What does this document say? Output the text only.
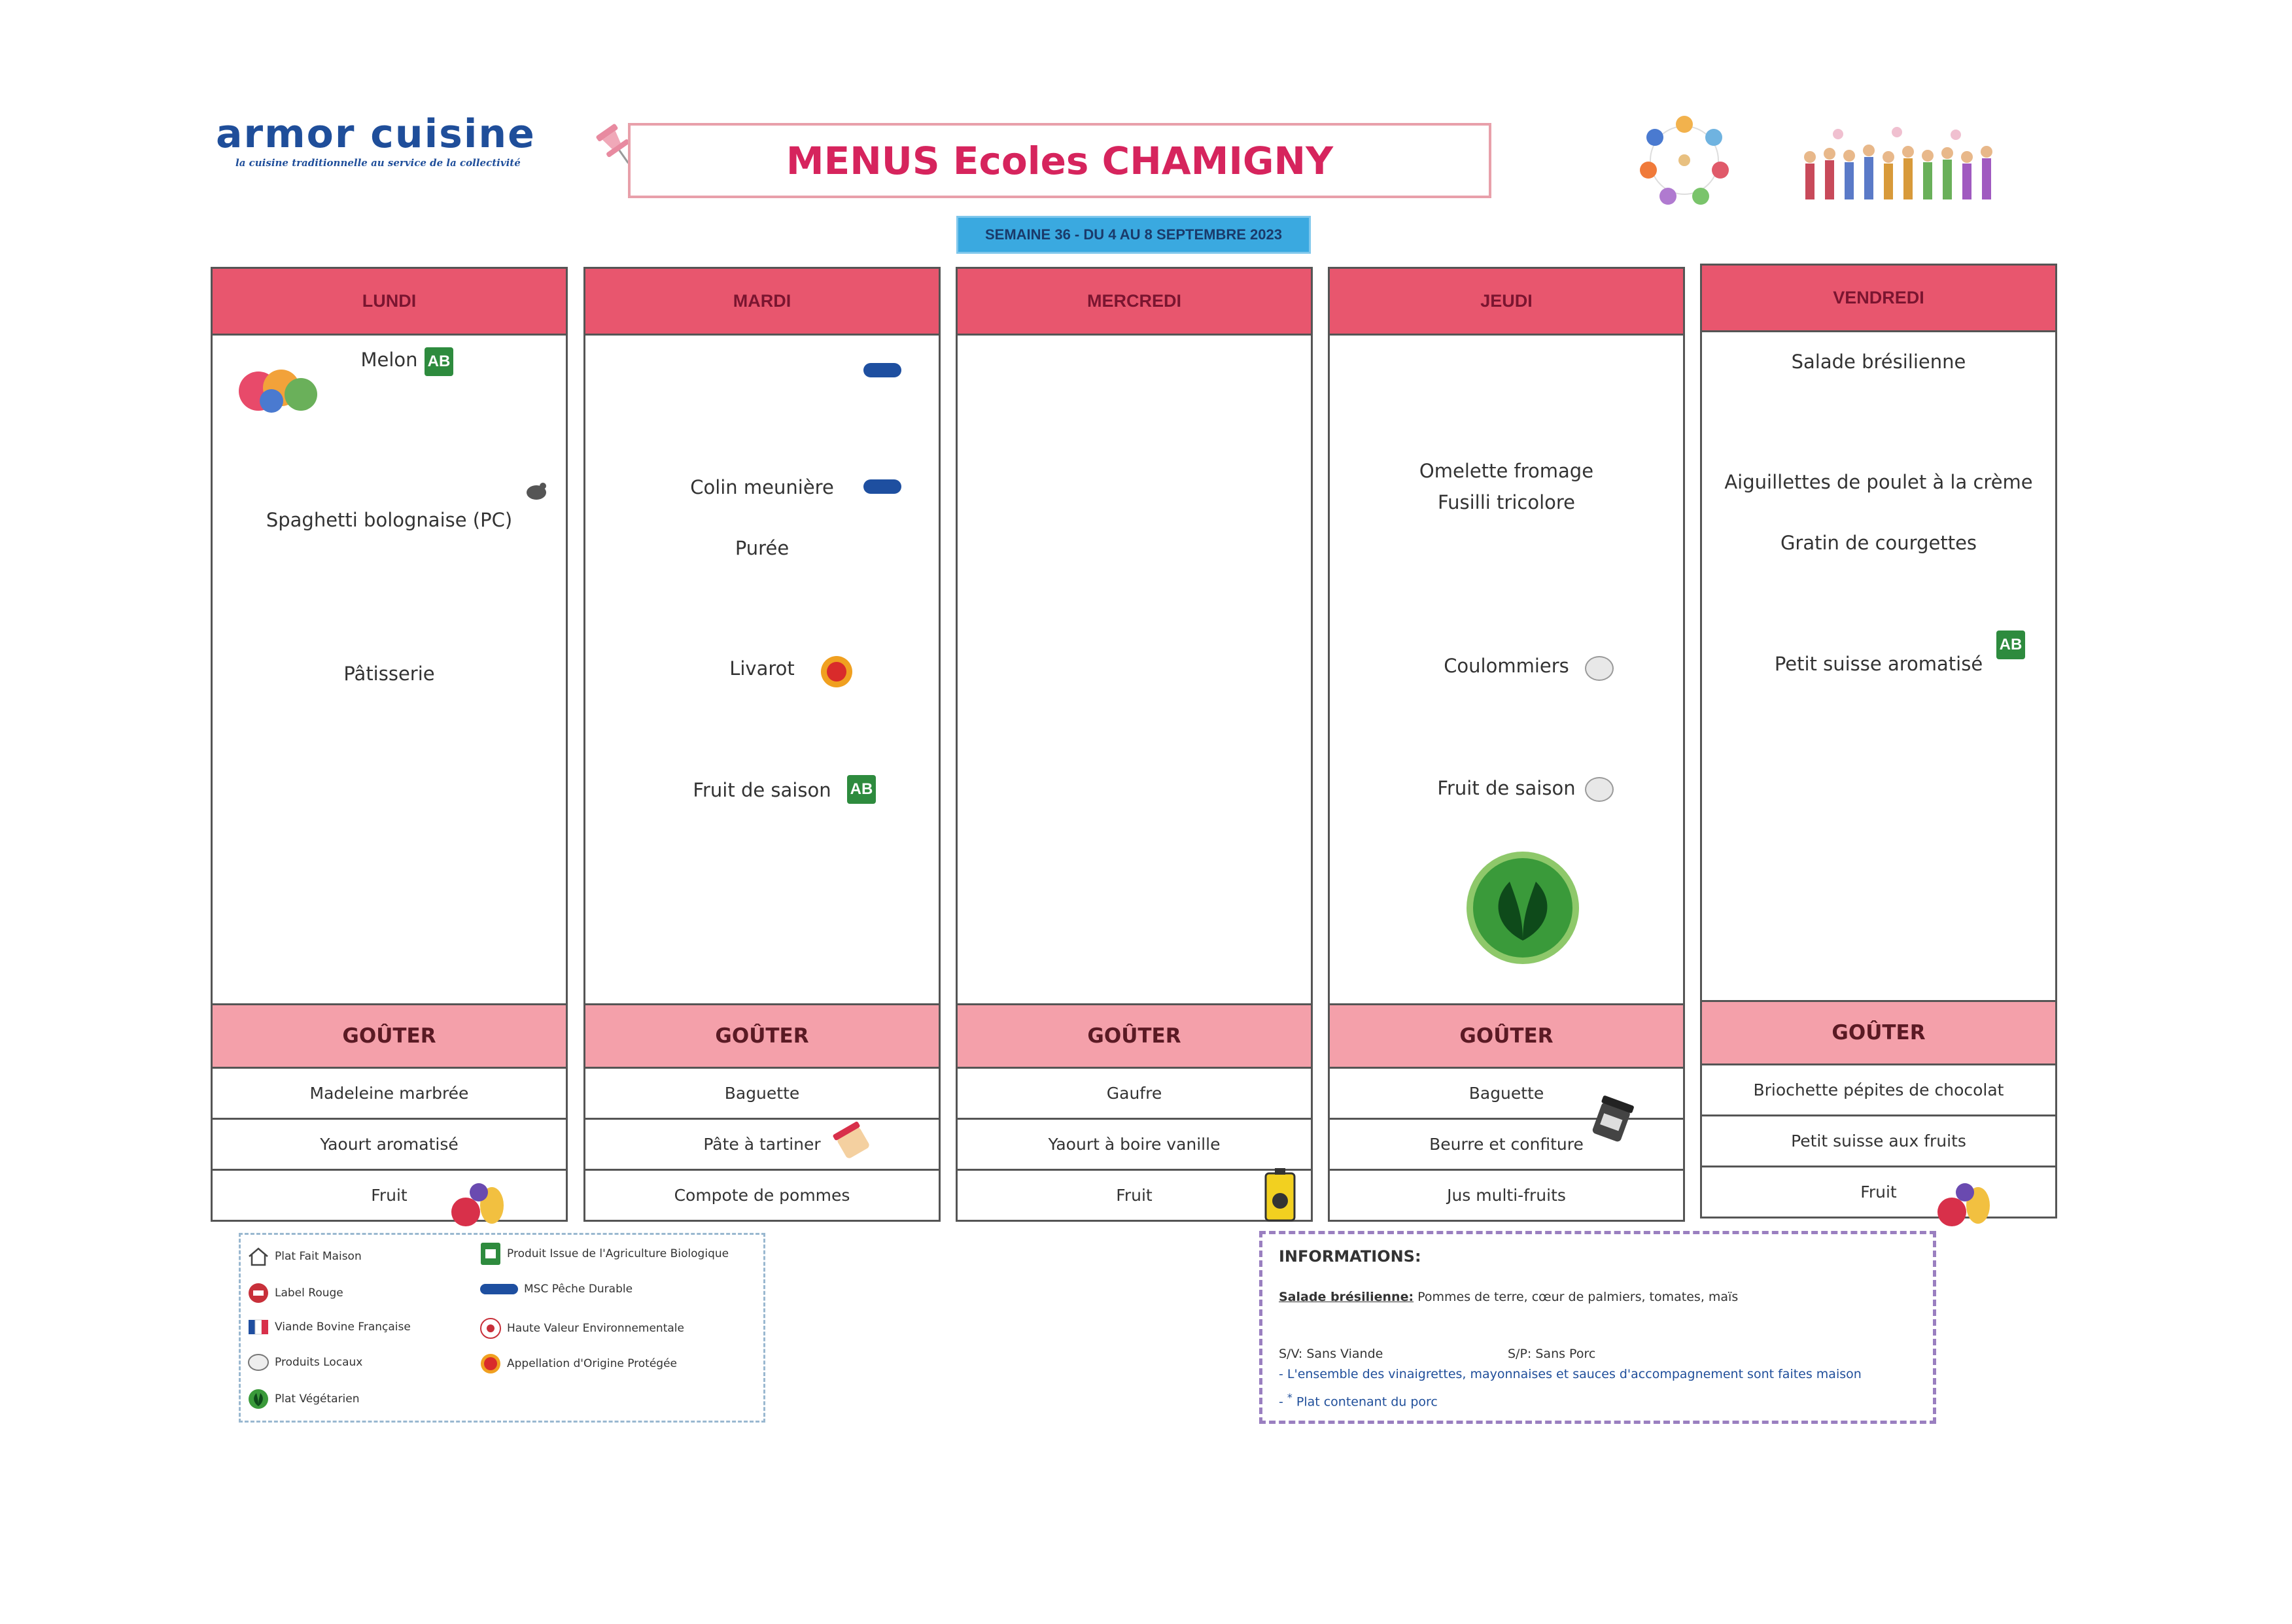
armor cuisine
la cuisine traditionnelle au service de la collectivité	MENUS Ecoles CHAMIGNY
SEMAINE 36 - DU 4 AU 8 SEPTEMBRE 2023
LUNDI
Melon AB
Spaghetti bolognaise (PC)
Pâtisserie
GOÛTER
Madeleine marbrée
Yaourt aromatisé
Fruit
MARDI
Colin meunière
Purée
Livarot
Fruit de saison	AB
GOÛTER
Baguette
Pâte à tartiner
Compote de pommes
MERCREDI
GOÛTER
Gaufre
Yaourt à boire vanille
Fruit
JEUDI
Omelette fromage
Fusilli tricolore
Coulommiers
Fruit de saison
GOÛTER
Baguette
Beurre et confiture
Jus multi-fruits
VENDREDI
Salade brésilienne
Aiguillettes de poulet à la crème
Gratin de courgettes
Petit suisse aromatisé
AB
GOÛTER
Briochette pépites de chocolat
Petit suisse aux fruits
Fruit
Plat Fait Maison
Label Rouge
Viande Bovine Française
Produits Locaux
Plat Végétarien
Produit Issue de l'Agriculture Biologique
MSC Pêche Durable
Haute Valeur Environnementale
Appellation d'Origine Protégée
INFORMATIONS:
Salade brésilienne: Pommes de terre, cœur de palmiers, tomates, maïs
S/V: Sans Viande	S/P: Sans Porc
- L'ensemble des vinaigrettes, mayonnaises et sauces d'accompagnement sont faites maison
- * Plat contenant du porc
